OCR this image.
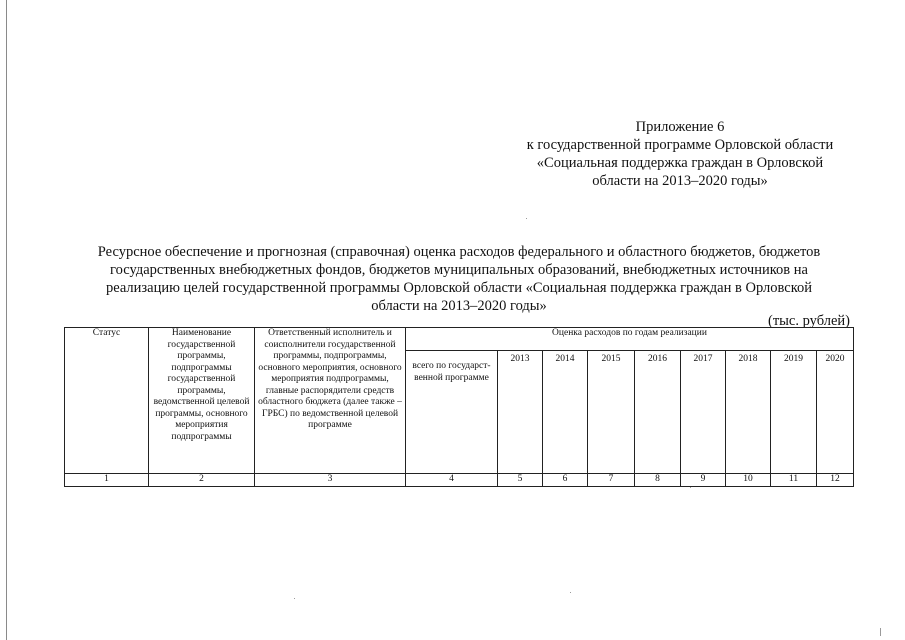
Приложение 6
к государственной программе Орловской области
«Социальная поддержка граждан в Орловской
области на 2013–2020 годы»
Ресурсное обеспечение и прогнозная (справочная) оценка расходов федерального и областного бюджетов, бюджетов
государственных внебюджетных фондов, бюджетов муниципальных образований, внебюджетных источников на
реализацию целей государственной программы Орловской области «Социальная поддержка граждан в Орловской
области на 2013–2020 годы»
(тыс. рублей)
Статус	Наименование государственной программы, подпрограммы государственной программы, ведомственной целевой программы, основного мероприятия подпрограммы	Ответственный исполнитель и соисполнители государственной программы, подпрограммы, основного мероприятия, основного мероприятия подпрограммы, главные распорядители средств областного бюджета (далее также – ГРБС) по ведомственной целевой программе	Оценка расходов по годам реализации								
			всего по государст-венной программе	2013	2014	2015	2016	2017	2018	2019	2020
1	2	3	4	5	6	7	8	9	10	11	12
